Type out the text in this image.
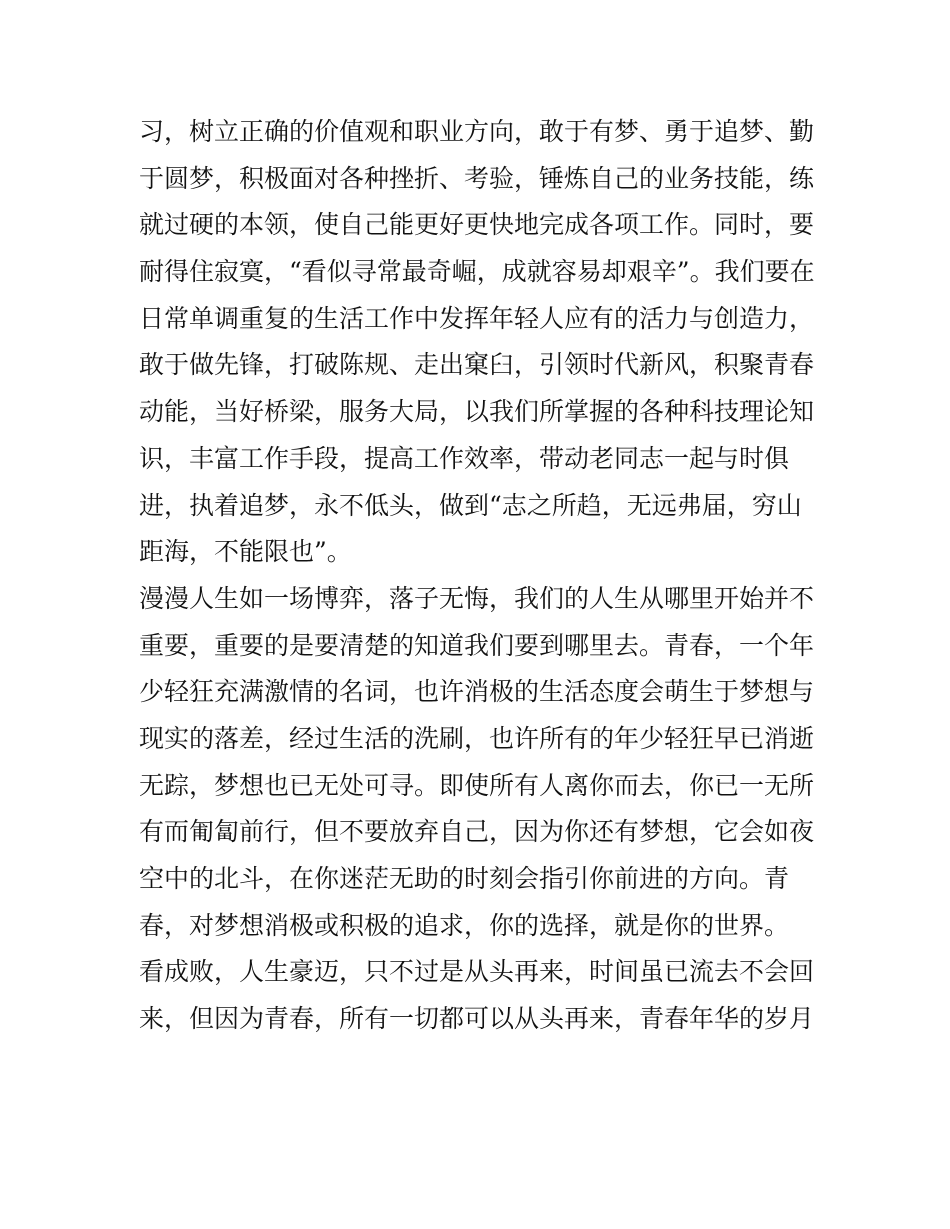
习，树立正确的价值观和职业方向，敢于有梦、勇于追梦、勤
于圆梦，积极面对各种挫折、考验，锤炼自己的业务技能，练
就过硬的本领，使自己能更好更快地完成各项工作。同时，要
耐得住寂寞，“看似寻常最奇崛，成就容易却艰辛”。我们要在
日常单调重复的生活工作中发挥年轻人应有的活力与创造力，
敢于做先锋，打破陈规、走出窠臼，引领时代新风，积聚青春
动能，当好桥梁，服务大局，以我们所掌握的各种科技理论知
识，丰富工作手段，提高工作效率，带动老同志一起与时俱
进，执着追梦，永不低头，做到“志之所趋，无远弗届，穷山
距海，不能限也”。
漫漫人生如一场博弈，落子无悔，我们的人生从哪里开始并不
重要，重要的是要清楚的知道我们要到哪里去。青春，一个年
少轻狂充满激情的名词，也许消极的生活态度会萌生于梦想与
现实的落差，经过生活的洗刷，也许所有的年少轻狂早已消逝
无踪，梦想也已无处可寻。即使所有人离你而去，你已一无所
有而匍匐前行，但不要放弃自己，因为你还有梦想，它会如夜
空中的北斗，在你迷茫无助的时刻会指引你前进的方向。青
春，对梦想消极或积极的追求，你的选择，就是你的世界。
看成败，人生豪迈，只不过是从头再来，时间虽已流去不会回
来，但因为青春，所有一切都可以从头再来，青春年华的岁月
